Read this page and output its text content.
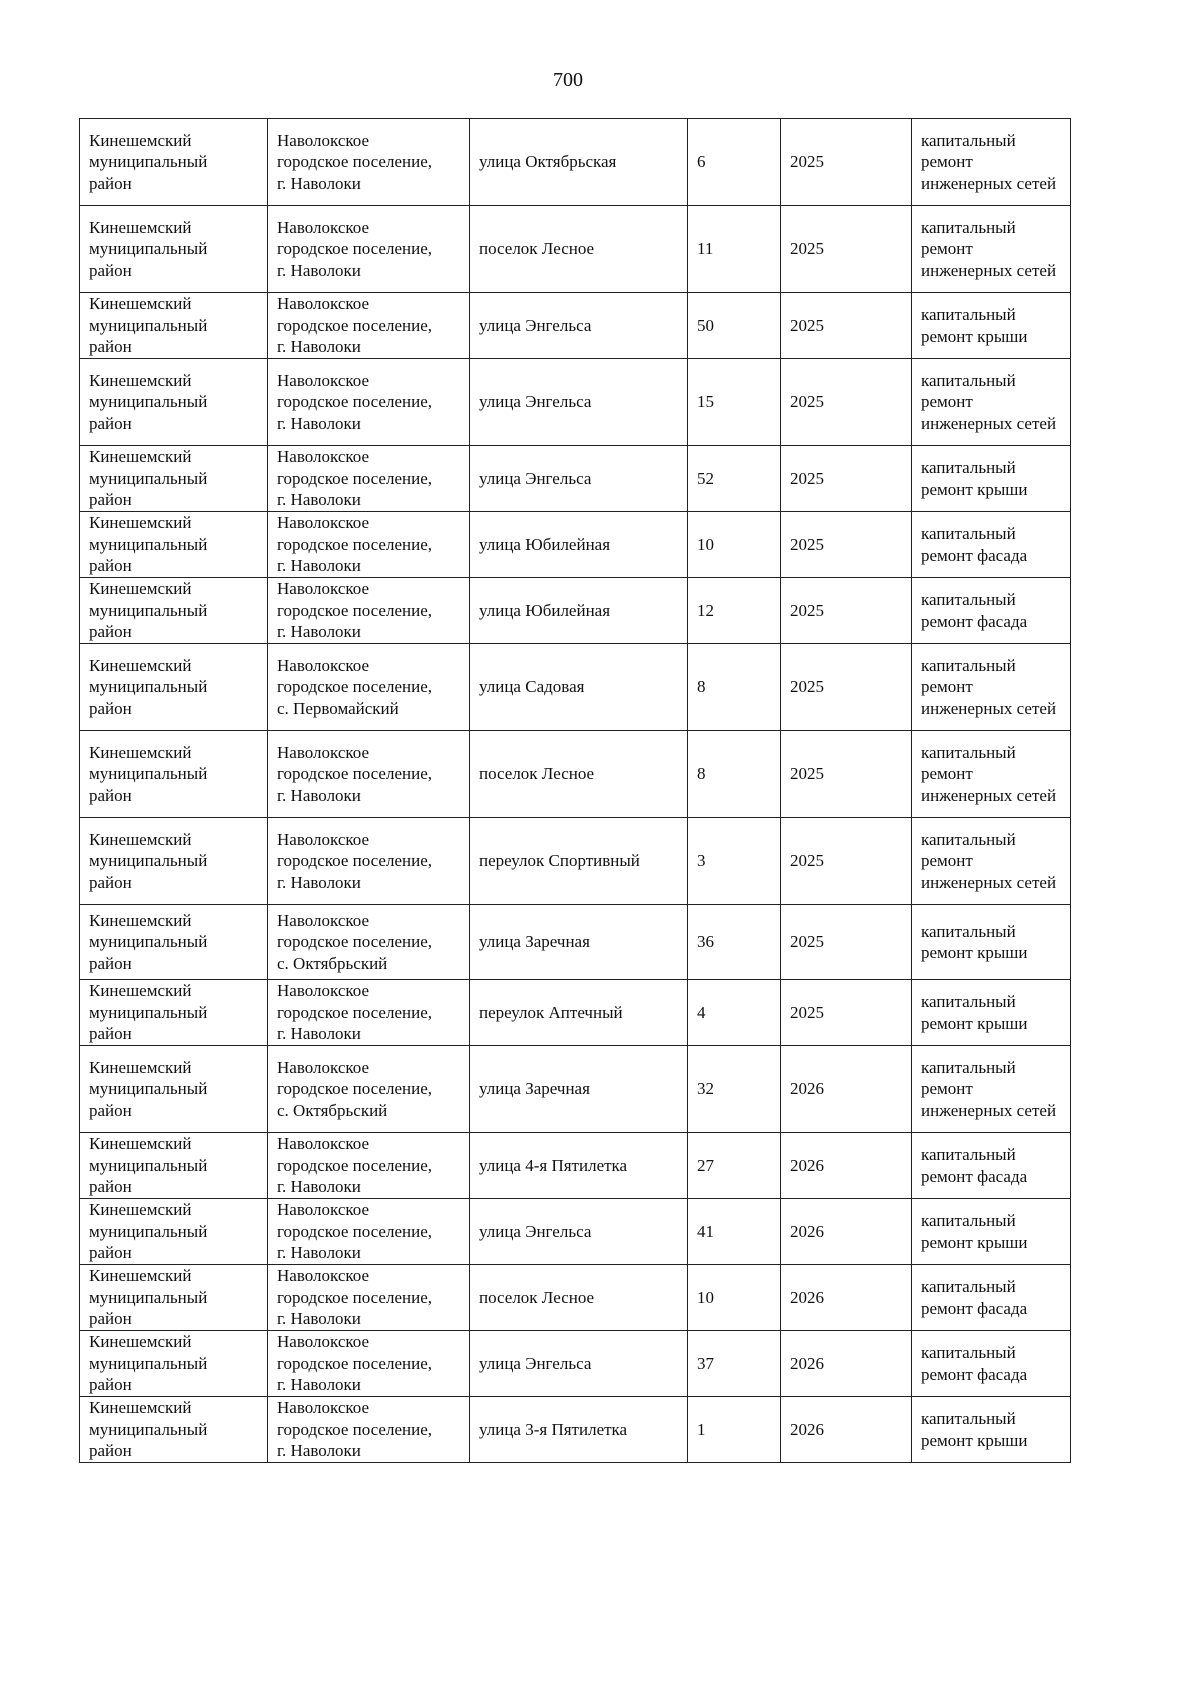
700
Кинешемский
муниципальный
район	Наволокское
городское поселение,
г. Наволоки	улица Октябрьская	6	2025	капитальный ремонт инженерных сетей
Кинешемский
муниципальный
район	Наволокское
городское поселение,
г. Наволоки	поселок Лесное	11	2025	капитальный ремонт инженерных сетей
Кинешемский
муниципальный
район	Наволокское
городское поселение,
г. Наволоки	улица Энгельса	50	2025	капитальный ремонт крыши
Кинешемский
муниципальный
район	Наволокское
городское поселение,
г. Наволоки	улица Энгельса	15	2025	капитальный ремонт инженерных сетей
Кинешемский
муниципальный
район	Наволокское
городское поселение,
г. Наволоки	улица Энгельса	52	2025	капитальный ремонт крыши
Кинешемский
муниципальный
район	Наволокское
городское поселение,
г. Наволоки	улица Юбилейная	10	2025	капитальный ремонт фасада
Кинешемский
муниципальный
район	Наволокское
городское поселение,
г. Наволоки	улица Юбилейная	12	2025	капитальный ремонт фасада
Кинешемский
муниципальный
район	Наволокское
городское поселение,
с. Первомайский	улица Садовая	8	2025	капитальный ремонт инженерных сетей
Кинешемский
муниципальный
район	Наволокское
городское поселение,
г. Наволоки	поселок Лесное	8	2025	капитальный ремонт инженерных сетей
Кинешемский
муниципальный
район	Наволокское
городское поселение,
г. Наволоки	переулок Спортивный	3	2025	капитальный ремонт инженерных сетей
Кинешемский
муниципальный
район	Наволокское
городское поселение,
с. Октябрьский	улица Заречная	36	2025	капитальный ремонт крыши
Кинешемский
муниципальный
район	Наволокское
городское поселение,
г. Наволоки	переулок Аптечный	4	2025	капитальный ремонт крыши
Кинешемский
муниципальный
район	Наволокское
городское поселение,
с. Октябрьский	улица Заречная	32	2026	капитальный ремонт инженерных сетей
Кинешемский
муниципальный
район	Наволокское
городское поселение,
г. Наволоки	улица 4-я Пятилетка	27	2026	капитальный ремонт фасада
Кинешемский
муниципальный
район	Наволокское
городское поселение,
г. Наволоки	улица Энгельса	41	2026	капитальный ремонт крыши
Кинешемский
муниципальный
район	Наволокское
городское поселение,
г. Наволоки	поселок Лесное	10	2026	капитальный ремонт фасада
Кинешемский
муниципальный
район	Наволокское
городское поселение,
г. Наволоки	улица Энгельса	37	2026	капитальный ремонт фасада
Кинешемский
муниципальный
район	Наволокское
городское поселение,
г. Наволоки	улица 3-я Пятилетка	1	2026	капитальный ремонт крыши
